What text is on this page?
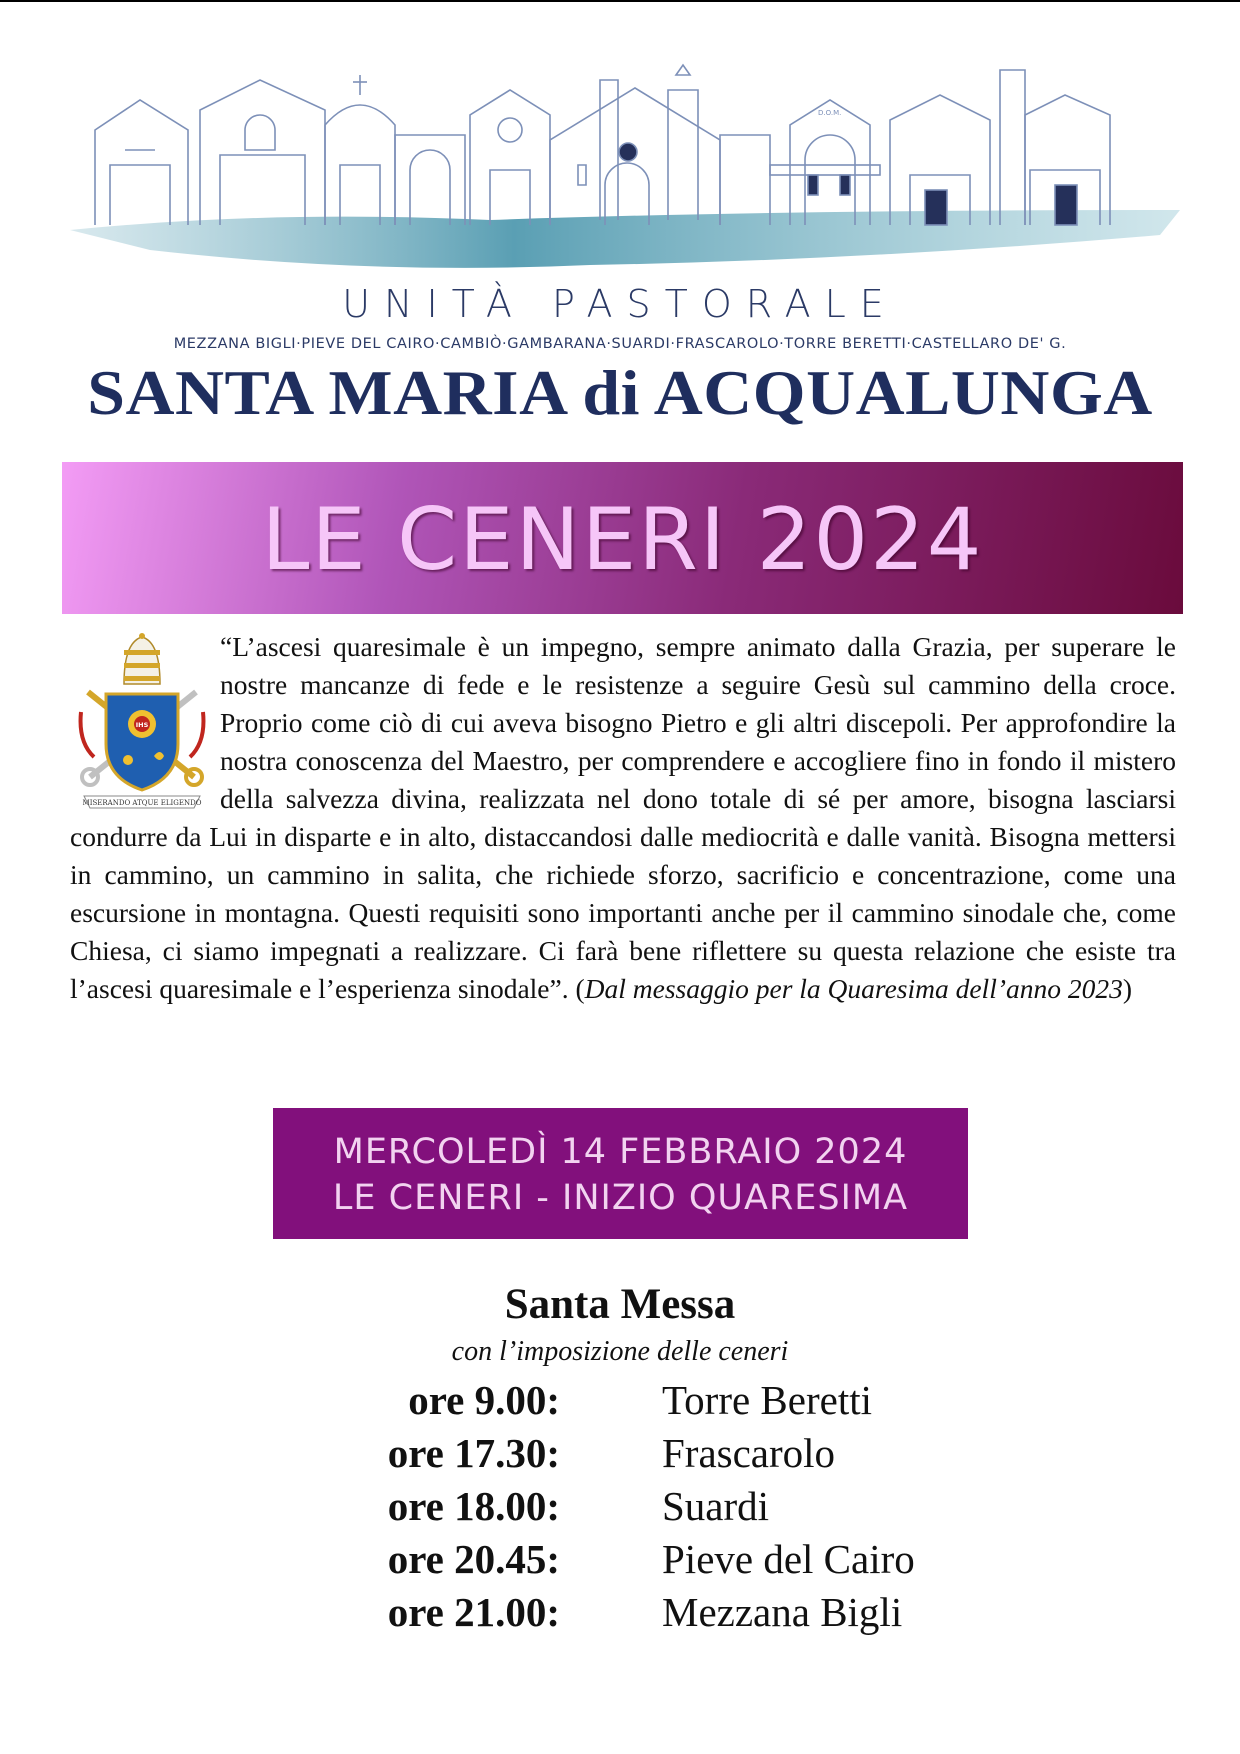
D.O.M.
UNITÀ PASTORALE
MEZZANA BIGLI·PIEVE DEL CAIRO·CAMBIÒ·GAMBARANA·SUARDI·FRASCAROLO·TORRE BERETTI·CASTELLARO DE' G.
SANTA MARIA di ACQUALUNGA
LE CENERI 2024
IHS
MISERANDO ATQUE ELIGENDO
“L’ascesi quaresimale è un impegno, sempre animato dalla Grazia, per superare le nostre mancanze di fede e le resistenze a seguire Gesù sul cammino della croce. Proprio come ciò di cui aveva bisogno Pietro e gli altri discepoli. Per approfondire la nostra conoscenza del Maestro, per comprendere e accogliere fino in fondo il mistero della salvezza divina, realizzata nel dono totale di sé per amore, bisogna lasciarsi condurre da Lui in disparte e in alto, distaccandosi dalle mediocrità e dalle vanità. Bisogna mettersi in cammino, un cammino in salita, che richiede sforzo, sacrificio e concentrazione, come una escursione in montagna. Questi requisiti sono importanti anche per il cammino sinodale che, come Chiesa, ci siamo impegnati a realizzare. Ci farà bene riflettere su questa relazione che esiste tra l’ascesi quaresimale e l’esperienza sinodale”. (Dal messaggio per la Quaresima dell’anno 2023)
MERCOLEDÌ 14 FEBBRAIO 2024
LE CENERI - INIZIO QUARESIMA
Santa Messa
con l’imposizione delle ceneri
ore 9.00: Torre Beretti
ore 17.30: Frascarolo
ore 18.00: Suardi
ore 20.45: Pieve del Cairo
ore 21.00: Mezzana Bigli
